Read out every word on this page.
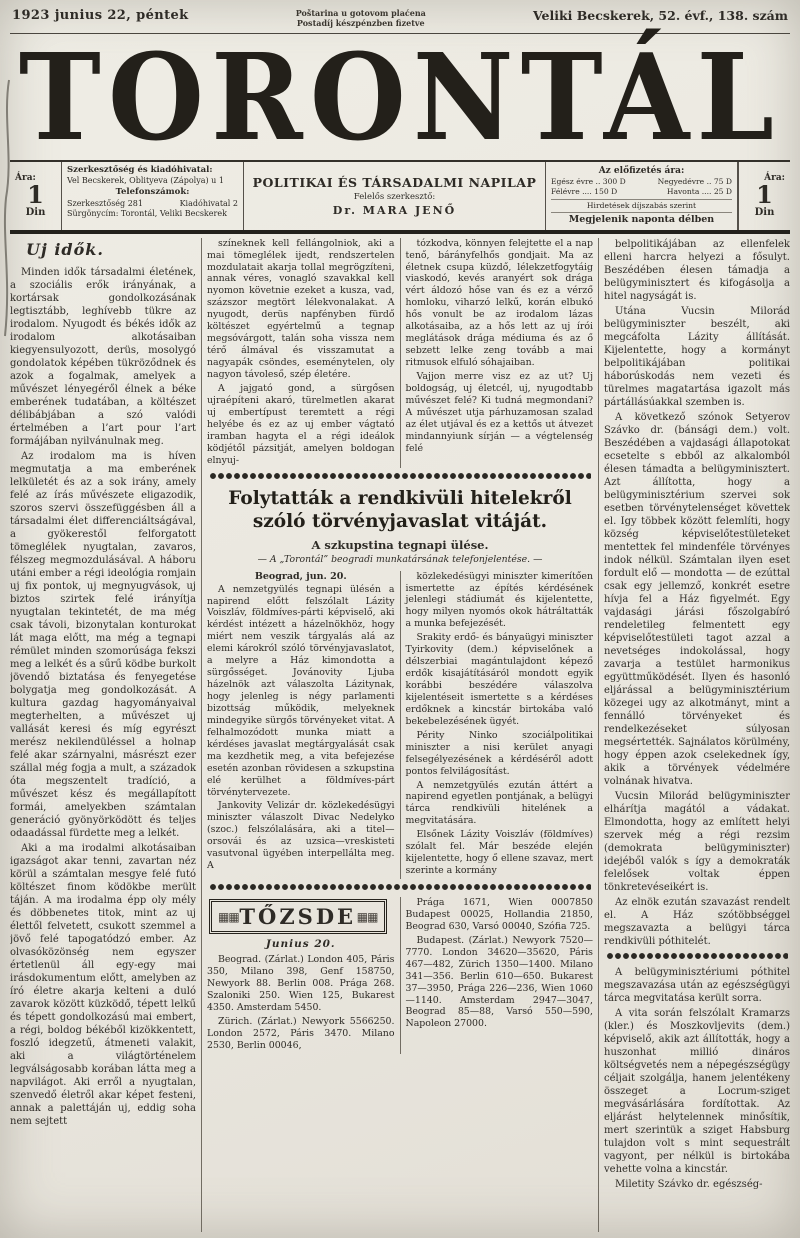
1923 junius 22, péntek	Poštarina u gotovom plaćena
Postadíj készpénzben fizetve
Veliki Becskerek, 52. évf., 138. szám
TORONTÁL
Ára:
1
Din
Szerkesztőség és kiadóhivatal:
Vel Becskerek, Oblityeva (Zápolya) u 1
Telefonszámok:
Szerkesztőség 281	Kiadóhivatal 2
Sürgönycím: Torontál, Veliki Becskerek
POLITIKAI ÉS TÁRSADALMI NAPILAP
Felelős szerkesztő:
Dr. MARA JENŐ
Az előfizetés ára:
Egész évre .. 300 D	Negyedévre .. 75 D
Félévre .... 150 D	Havonta .... 25 D
Hirdetések díjszabás szerint
Megjelenik naponta délben
Ára:
1
Din
Uj idők.

Minden idők társadalmi életének, a szociális erők irányának, a kortársak gondolkozásának legtisztább, leghívebb tükre az irodalom. Nyugodt és békés idők az irodalom alkotásaiban kiegyensulyozott, derüs, mosolygó gondolatok képében tükröződnek és azok a fogalmak, amelyek a művészet lényegéről élnek a béke emberének tudatában, a költészet délibábjában a szó valódi értelmében a l’art pour l’art formájában nyilvánulnak meg.

Az irodalom ma is híven megmutatja a ma emberének lelkületét és az a sok irány, amely felé az írás művészete eligazodik, szoros szervi összefüggésben áll a társadalmi élet differenciáltságával, a gyökerestől felforgatott tömeglélek nyugtalan, zavaros, félszeg megmozdulásával. A háboru utáni ember a régi ideológia romjain uj fix pontok, uj megnyugvások, uj biztos szirtek felé irányítja nyugtalan tekintetét, de ma még csak távoli, bizonytalan konturokat lát maga előtt, ma még a tegnapi rémület minden szomorúsága fekszi meg a lelkét és a sűrű ködbe burkolt jövendő biztatása és fenyegetése bolygatja meg gondolkozását. A kultura gazdag hagyományaival megterhelten, a művészet uj vallását keresi és míg egyrészt merész nekilendüléssel a holnap felé akar szárnyalni, másrészt ezer szállal még fogja a mult, a századok óta megszentelt tradíció, a művészet kész és megállapított formái, amelyekben számtalan generáció gyönyörködött és teljes odaadással fürdette meg a lelkét.

Aki a ma irodalmi alkotásaiban igazságot akar tenni, zavartan néz körül a számtalan mesgye felé futó költészet finom ködökbe merült táján. A ma irodalma épp oly mély és döbbenetes titok, mint az uj élettől felvetett, csukott szemmel a jövő felé tapogatódzó ember. Az olvasóközönség nem egyszer értetlenül áll egy-egy mai irásdokumentum előtt, amelyben az író életre akarja kelteni a duló zavarok között küzködő, tépett lelkű és tépett gondolkozású mai embert, a régi, boldog békéből kizökkentett, foszló idegzetű, átmeneti valakit, aki a világtörténelem legválságosabb korában látta meg a napvilágot. Aki erről a nyugtalan, szenvedő életről akar képet festeni, annak a palettáján uj, eddig soha nem sejtett

színeknek kell fellángolniok, aki a mai tömeglélek ijedt, rendszertelen mozdulatait akarja tollal megrögzíteni, annak véres, vonagló szavakkal kell nyomon követnie ezeket a kusza, vad, százszor megtört lélekvonalakat. A nyugodt, derüs napfényben fürdő költészet egyértelmű a tegnap megsóvárgott, talán soha vissza nem térő álmával és visszamutat a nagyapák csöndes, eseménytelen, oly nagyon távoleső, szép életére.

A jajgató gond, a sürgősen ujraépíteni akaró, türelmetlen akarat uj embertípust teremtett a régi helyébe és ez az uj ember vágtató iramban hagyta el a régi ideálok ködjétől pázsitját, amelyen boldogan elnyuj-

tózkodva, könnyen felejtette el a nap tenő, bárányfelhős gondjait. Ma az életnek csupa küzdő, lélekzetfogytáig viaskodó, kevés aranyért sok drága vért áldozó hőse van és ez a vérző homloku, viharzó lelkű, korán elbukó hős vonult be az irodalom lázas alkotásaiba, az a hős lett az uj írói meglátások drága médiuma és az ő sebzett lelke zeng tovább a mai ritmusok elfuló sóhajaiban.

Vajjon merre visz ez az ut? Uj boldogság, uj életcél, uj, nyugodtabb művészet felé? Ki tudná megmondani? A művészet utja párhuzamosan szalad az élet utjával és ez a kettős ut átvezet mindannyiunk sírján — a végtelenség felé

Folytatták a rendkivüli hitelekről szóló törvényjavaslat vitáját.
A szkupstina tegnapi ülése.
— A „Torontál” beogradi munkatársának telefonjelentése. —
Beograd, jun. 20.

A nemzetgyülés tegnapi ülésén a napirend előtt felszólalt Lázity Voiszláv, földmíves-párti képviselő, aki kérdést intézett a házelnökhöz, hogy miért nem veszik tárgyalás alá az elemi károkról szóló törvényjavaslatot, a melyre a Ház kimondotta a sürgősséget. Jovánovity Ljuba házelnök azt válaszolta Lázitynak, hogy jelenleg is négy parlamenti bizottság működik, melyeknek mindegyike sürgős törvényeket vitat. A felhalmozódott munka miatt a kérdéses javaslat megtárgyalását csak ma kezdhetik meg, a vita befejezése esetén azonban rövidesen a szkupstina elé kerülhet a földmíves-párt törvénytervezete.

Jankovity Velizár dr. közlekedésügyi miniszter válaszolt Divac Nedelyko (szoc.) felszólalására, aki a titel—orsovái és az uzsica—vreskisteti vasutvonal ügyében interpellálta meg. A

közlekedésügyi miniszter kimerítően ismertette az építés kérdésének jelenlegi stádiumát és kijelentette, hogy milyen nyomós okok hátráltatták a munka befejezését.

Srakity erdő- és bányaügyi miniszter Tyirkovity (dem.) képviselőnek a délszerbiai magántulajdont képező erdők kisajátításáról mondott egyik korábbi beszédére válaszolva kijelentéseit ismertette s a kérdéses erdőknek a kincstár birtokába való bekebelezésének ügyét.

Périty Ninko szociálpolitikai miniszter a nisi kerület anyagi felsegélyezésének a kérdéséről adott pontos felvilágosítást.

A nemzetgyülés ezután áttért a napirend egyetlen pontjának, a belügyi tárca rendkivüli hitelének a megvitatására.

Elsőnek Lázity Voiszláv (földmíves) szólalt fel. Már beszéde elején kijelentette, hogy ő ellene szavaz, mert szerinte a kormány

▦▦ TŐZSDE ▦▦
Junius 20.

Beograd. (Zárlat.) London 405, Páris 350, Milano 398, Genf 158750, Newyork 88. Berlin 008. Prága 268. Szaloniki 250. Wien 125, Bukarest 4350. Amsterdam 5450.

Zürich. (Zárlat.) Newyork 5566250. London 2572, Páris 3470. Milano 2530, Berlin 00046,

Prága 1671, Wien 0007850 Budapest 00025, Hollandia 21850, Beograd 630, Varsó 00040, Szófia 725.

Budapest. (Zárlat.) Newyork 7520—7770. London 34620—35620, Páris 467—482, Zürich 1350—1400. Milano 341—356. Berlin 610—650. Bukarest 37—3950, Prága 226—236, Wien 1060—1140. Amsterdam 2947—3047, Beograd 85—88, Varsó 550—590, Napoleon 27000.

belpolitikájában az ellenfelek elleni harcra helyezi a fősulyt. Beszédében élesen támadja a belügyminisztert és kifogásolja a hitel nagyságát is.

Utána Vucsin Milorád belügyminiszter beszélt, aki megcáfolta Lázity állítását. Kijelentette, hogy a kormányt belpolitikájában politikai háborúskodás nem vezeti és türelmes magatartása igazolt más pártállásúakkal szemben is.

A következő szónok Setyerov Szávko dr. (bánsági dem.) volt. Beszédében a vajdasági állapotokat ecsetelte s ebből az alkalomból élesen támadta a belügyminisztert. Azt állította, hogy a belügyminisztérium szervei sok esetben törvénytelenséget követtek el. Igy többek között felemlíti, hogy község képviselőtestületeket mentettek fel mindenféle törvényes indok nélkül. Számtalan ilyen eset fordult elő — mondotta — de ezúttal csak egy jellemző, konkrét esetre hívja fel a Ház figyelmét. Egy vajdasági járási főszolgabíró rendeletileg felmentett egy képviselőtestületi tagot azzal a nevetséges indokolással, hogy zavarja a testület harmonikus együttműködését. Ilyen és hasonló eljárással a belügyminisztérium közegei ugy az alkotmányt, mint a fennálló törvényeket és rendelkezéseket súlyosan megsértették. Sajnálatos körülmény, hogy éppen azok cselekednek így, akik a törvények védelmére volnának hivatva.

Vucsin Milorád belügyminiszter elhárítja magától a vádakat. Elmondotta, hogy az említett helyi szervek még a régi rezsim (demokrata belügyminiszter) idejéből valók s így a demokraták felelősek voltak éppen tönkretevéseikért is.

Az elnök ezután szavazást rendelt el. A Ház szótöbbséggel megszavazta a belügyi tárca rendkivüli póthitelét.

A belügyminisztériumi póthitel megszavazása után az egészségügyi tárca megvitatása került sorra.

A vita során felszólalt Kramarzs (kler.) és Moszkovljevits (dem.) képviselő, akik azt állították, hogy a huszonhat millió dináros költségvetés nem a népegészségügy céljait szolgálja, hanem jelentékeny összeget a Locrum-sziget megvásárlására fordítottak. Az eljárást helytelennek minősítik, mert szerintük a sziget Habsburg tulajdon volt s mint sequestrált vagyont, per nélkül is birtokába vehette volna a kincstár.

Miletity Szávko dr. egészség-
